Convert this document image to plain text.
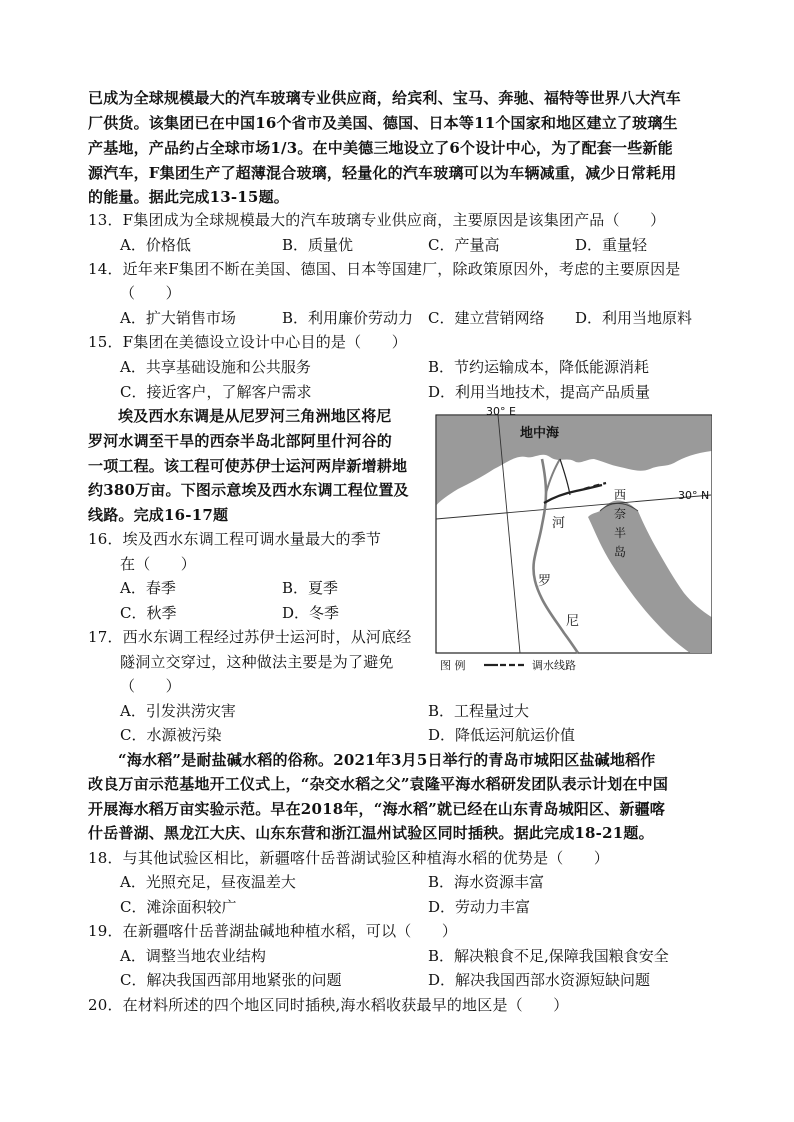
已成为全球规模最大的汽车玻璃专业供应商，给宾利、宝马、奔驰、福特等世界八大汽车
厂供货。该集团已在中国16个省市及美国、德国、日本等11个国家和地区建立了玻璃生
产基地，产品约占全球市场1/3。在中美德三地设立了6个设计中心，为了配套一些新能
源汽车，F集团生产了超薄混合玻璃，轻量化的汽车玻璃可以为车辆减重，减少日常耗用
的能量。据此完成13-15题。
13．F集团成为全球规模最大的汽车玻璃专业供应商，主要原因是该集团产品（　　）
A．价格低	B．质量优	C．产量高	D．重量轻
14．近年来F集团不断在美国、德国、日本等国建厂，除政策原因外，考虑的主要原因是
（　　）
A．扩大销售市场	B．利用廉价劳动力 C．建立营销网络 D．利用当地原料
15．F集团在美德设立设计中心目的是（　　）
A．共享基础设施和公共服务	B．节约运输成本，降低能源消耗
C．接近客户，了解客户需求	D．利用当地技术，提高产品质量
埃及西水东调是从尼罗河三角洲地区将尼
罗河水调至干旱的西奈半岛北部阿里什河谷的
一项工程。该工程可使苏伊士运河两岸新增耕地
约380万亩。下图示意埃及西水东调工程位置及
线路。完成16-17题
16．埃及西水东调工程可调水量最大的季节
在（　　）
A．春季	B．夏季
C．秋季	D．冬季
17．西水东调工程经过苏伊士运河时，从河底经
隧洞立交穿过，这种做法主要是为了避免
（　　）
A．引发洪涝灾害	B．工程量过大
C．水源被污染	D．降低运河航运价值
30° E
地中海
30° N
西
奈
半
岛
河
罗
尼
图 例	调水线路
“海水稻”是耐盐碱水稻的俗称。2021年3月5日举行的青岛市城阳区盐碱地稻作
改良万亩示范基地开工仪式上，“杂交水稻之父”袁隆平海水稻研发团队表示计划在中国
开展海水稻万亩实验示范。早在2018年，“海水稻”就已经在山东青岛城阳区、新疆喀
什岳普湖、黑龙江大庆、山东东营和浙江温州试验区同时插秧。据此完成18-21题。
18．与其他试验区相比，新疆喀什岳普湖试验区种植海水稻的优势是（　　）
A．光照充足，昼夜温差大	B．海水资源丰富
C．滩涂面积较广	D．劳动力丰富
19．在新疆喀什岳普湖盐碱地种植水稻，可以（　　）
A．调整当地农业结构	B．解决粮食不足,保障我国粮食安全
C．解决我国西部用地紧张的问题	D．解决我国西部水资源短缺问题
20．在材料所述的四个地区同时插秧,海水稻收获最早的地区是（　　）
